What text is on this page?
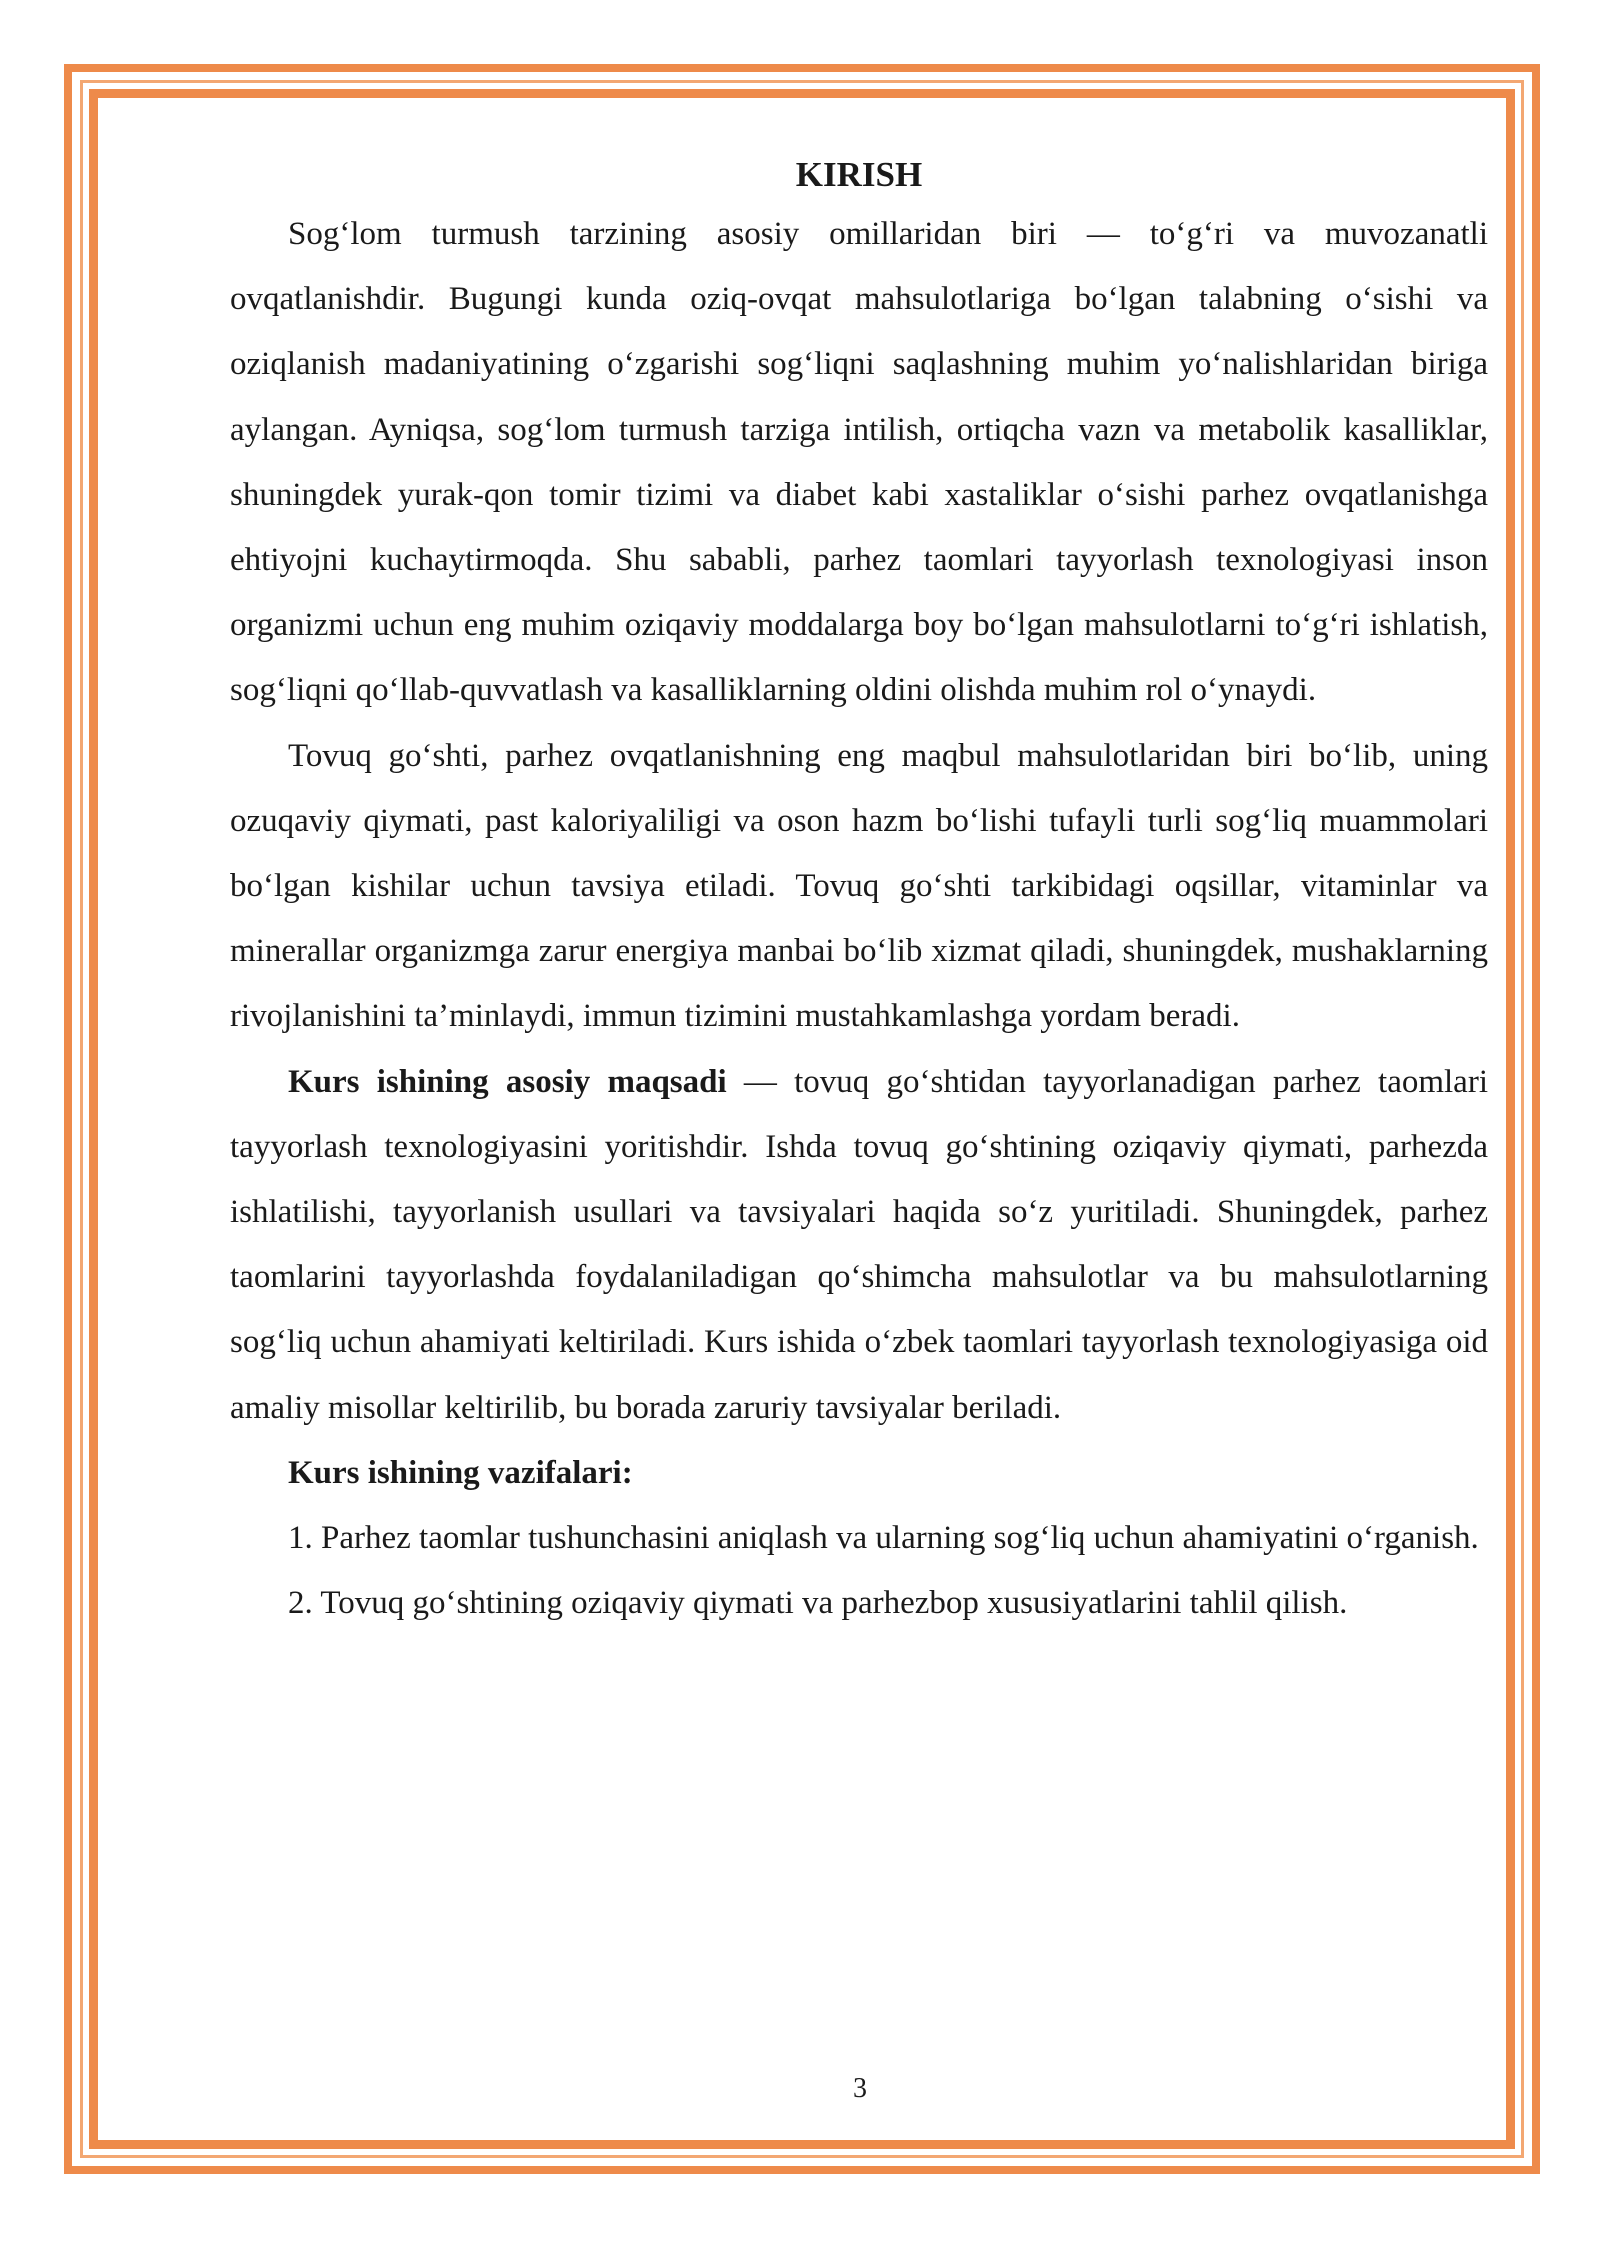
KIRISH

Sog‘lom turmush tarzining asosiy omillaridan biri — to‘g‘ri va muvozanatli ovqatlanishdir. Bugungi kunda oziq-ovqat mahsulotlariga bo‘lgan talabning o‘sishi va oziqlanish madaniyatining o‘zgarishi sog‘liqni saqlashning muhim yo‘nalishlaridan biriga aylangan. Ayniqsa, sog‘lom turmush tarziga intilish, ortiqcha vazn va metabolik kasalliklar, shuningdek yurak-qon tomir tizimi va diabet kabi xastaliklar o‘sishi parhez ovqatlanishga ehtiyojni kuchaytirmoqda. Shu sababli, parhez taomlari tayyorlash texnologiyasi inson organizmi uchun eng muhim oziqaviy moddalarga boy bo‘lgan mahsulotlarni to‘g‘ri ishlatish, sog‘liqni qo‘llab-quvvatlash va kasalliklarning oldini olishda muhim rol o‘ynaydi.

Tovuq go‘shti, parhez ovqatlanishning eng maqbul mahsulotlaridan biri bo‘lib, uning ozuqaviy qiymati, past kaloriyaliligi va oson hazm bo‘lishi tufayli turli sog‘liq muammolari bo‘lgan kishilar uchun tavsiya etiladi. Tovuq go‘shti tarkibidagi oqsillar, vitaminlar va minerallar organizmga zarur energiya manbai bo‘lib xizmat qiladi, shuningdek, mushaklarning rivojlanishini ta’minlaydi, immun tizimini mustahkamlashga yordam beradi.

Kurs ishining asosiy maqsadi — tovuq go‘shtidan tayyorlanadigan parhez taomlari tayyorlash texnologiyasini yoritishdir. Ishda tovuq go‘shtining oziqaviy qiymati, parhezda ishlatilishi, tayyorlanish usullari va tavsiyalari haqida so‘z yuritiladi. Shuningdek, parhez taomlarini tayyorlashda foydalaniladigan qo‘shimcha mahsulotlar va bu mahsulotlarning sog‘liq uchun ahamiyati keltiriladi. Kurs ishida o‘zbek taomlari tayyorlash texnologiyasiga oid amaliy misollar keltirilib, bu borada zaruriy tavsiyalar beriladi.

Kurs ishining vazifalari:

1. Parhez taomlar tushunchasini aniqlash va ularning sog‘liq uchun ahamiyatini o‘rganish.

2. Tovuq go‘shtining oziqaviy qiymati va parhezbop xususiyatlarini tahlil qilish.

3
